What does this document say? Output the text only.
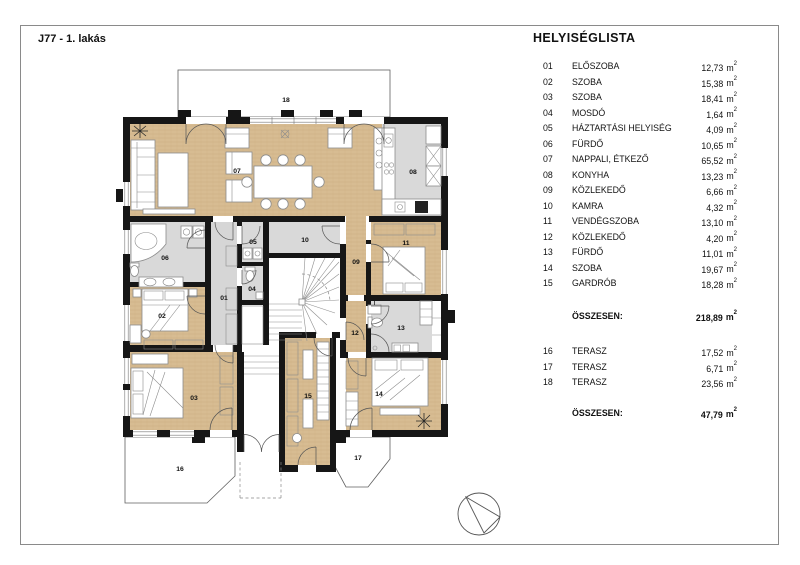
01
02
03
04
05
06
07	08
09
10	11
12
13
14
15
16
17
18
J77 - 1. lakás	HELYISÉGLISTA
01	ELŐSZOBA	12,73 $m^2$
02	SZOBA	15,38 $m^2$
03	SZOBA	18,41 $m^2$
04	MOSDÓ	1,64 $m^2$
05	HÁZTARTÁSI HELYISÉG	4,09 $m^2$
06	FÜRDŐ	10,65 $m^2$
07	NAPPALI, ÉTKEZŐ	65,52 $m^2$
08	KONYHA	13,23 $m^2$
09	KÖZLEKEDŐ	6,66 $m^2$
10	KAMRA	4,32 $m^2$
11	VENDÉGSZOBA	13,10 $m^2$
12	KÖZLEKEDŐ	4,20 $m^2$
13	FÜRDŐ	11,01 $m^2$
14	SZOBA	19,67 $m^2$
15	GARDRÓB	18,28 $m^2$
ÖSSZESEN:	218,89 $m^2$
16	TERASZ	17,52 $m^2$
17	TERASZ	6,71 $m^2$
18	TERASZ	23,56 $m^2$
ÖSSZESEN:	47,79 $m^2$
